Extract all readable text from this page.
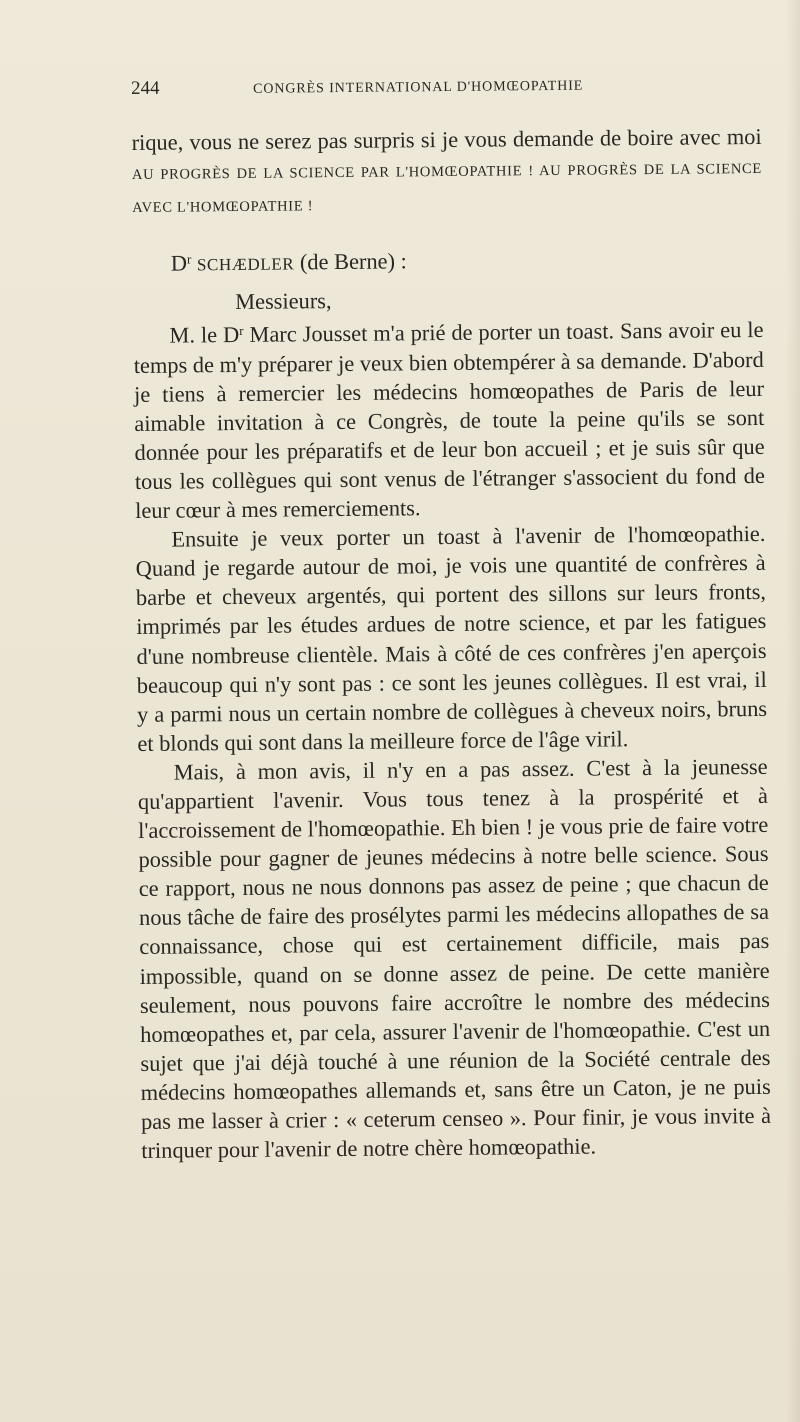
244	CONGRÈS INTERNATIONAL D'HOMŒOPATHIE

rique, vous ne serez pas surpris si je vous demande de boire avec moi AU PROGRÈS DE LA SCIENCE PAR L'HOMŒOPATHIE ! AU PROGRÈS DE LA SCIENCE AVEC L'HOMŒOPATHIE !

$D^r$ SCHÆDLER (de Berne) :

Messieurs,

M. le $D^r$ Marc Jousset m'a prié de porter un toast. Sans avoir eu le temps de m'y préparer je veux bien obtempérer à sa demande. D'abord je tiens à remercier les médecins homœopathes de Paris de leur aimable invitation à ce Congrès, de toute la peine qu'ils se sont donnée pour les préparatifs et de leur bon accueil ; et je suis sûr que tous les collègues qui sont venus de l'étranger s'associent du fond de leur cœur à mes remerciements.

Ensuite je veux porter un toast à l'avenir de l'homœopathie. Quand je regarde autour de moi, je vois une quantité de confrères à barbe et cheveux argentés, qui portent des sillons sur leurs fronts, imprimés par les études ardues de notre science, et par les fatigues d'une nombreuse clientèle. Mais à côté de ces confrères j'en aperçois beaucoup qui n'y sont pas : ce sont les jeunes collègues. Il est vrai, il y a parmi nous un certain nombre de collègues à cheveux noirs, bruns et blonds qui sont dans la meilleure force de l'âge viril.

Mais, à mon avis, il n'y en a pas assez. C'est à la jeunesse qu'appartient l'avenir. Vous tous tenez à la prospérité et à l'accroissement de l'homœopathie. Eh bien ! je vous prie de faire votre possible pour gagner de jeunes médecins à notre belle science. Sous ce rapport, nous ne nous donnons pas assez de peine ; que chacun de nous tâche de faire des prosélytes parmi les médecins allopathes de sa connaissance, chose qui est certainement difficile, mais pas impossible, quand on se donne assez de peine. De cette manière seulement, nous pouvons faire accroître le nombre des médecins homœopathes et, par cela, assurer l'avenir de l'homœopathie. C'est un sujet que j'ai déjà touché à une réunion de la Société centrale des médecins homœopathes allemands et, sans être un Caton, je ne puis pas me lasser à crier : « ceterum censeo ». Pour finir, je vous invite à trinquer pour l'avenir de notre chère homœopathie.
